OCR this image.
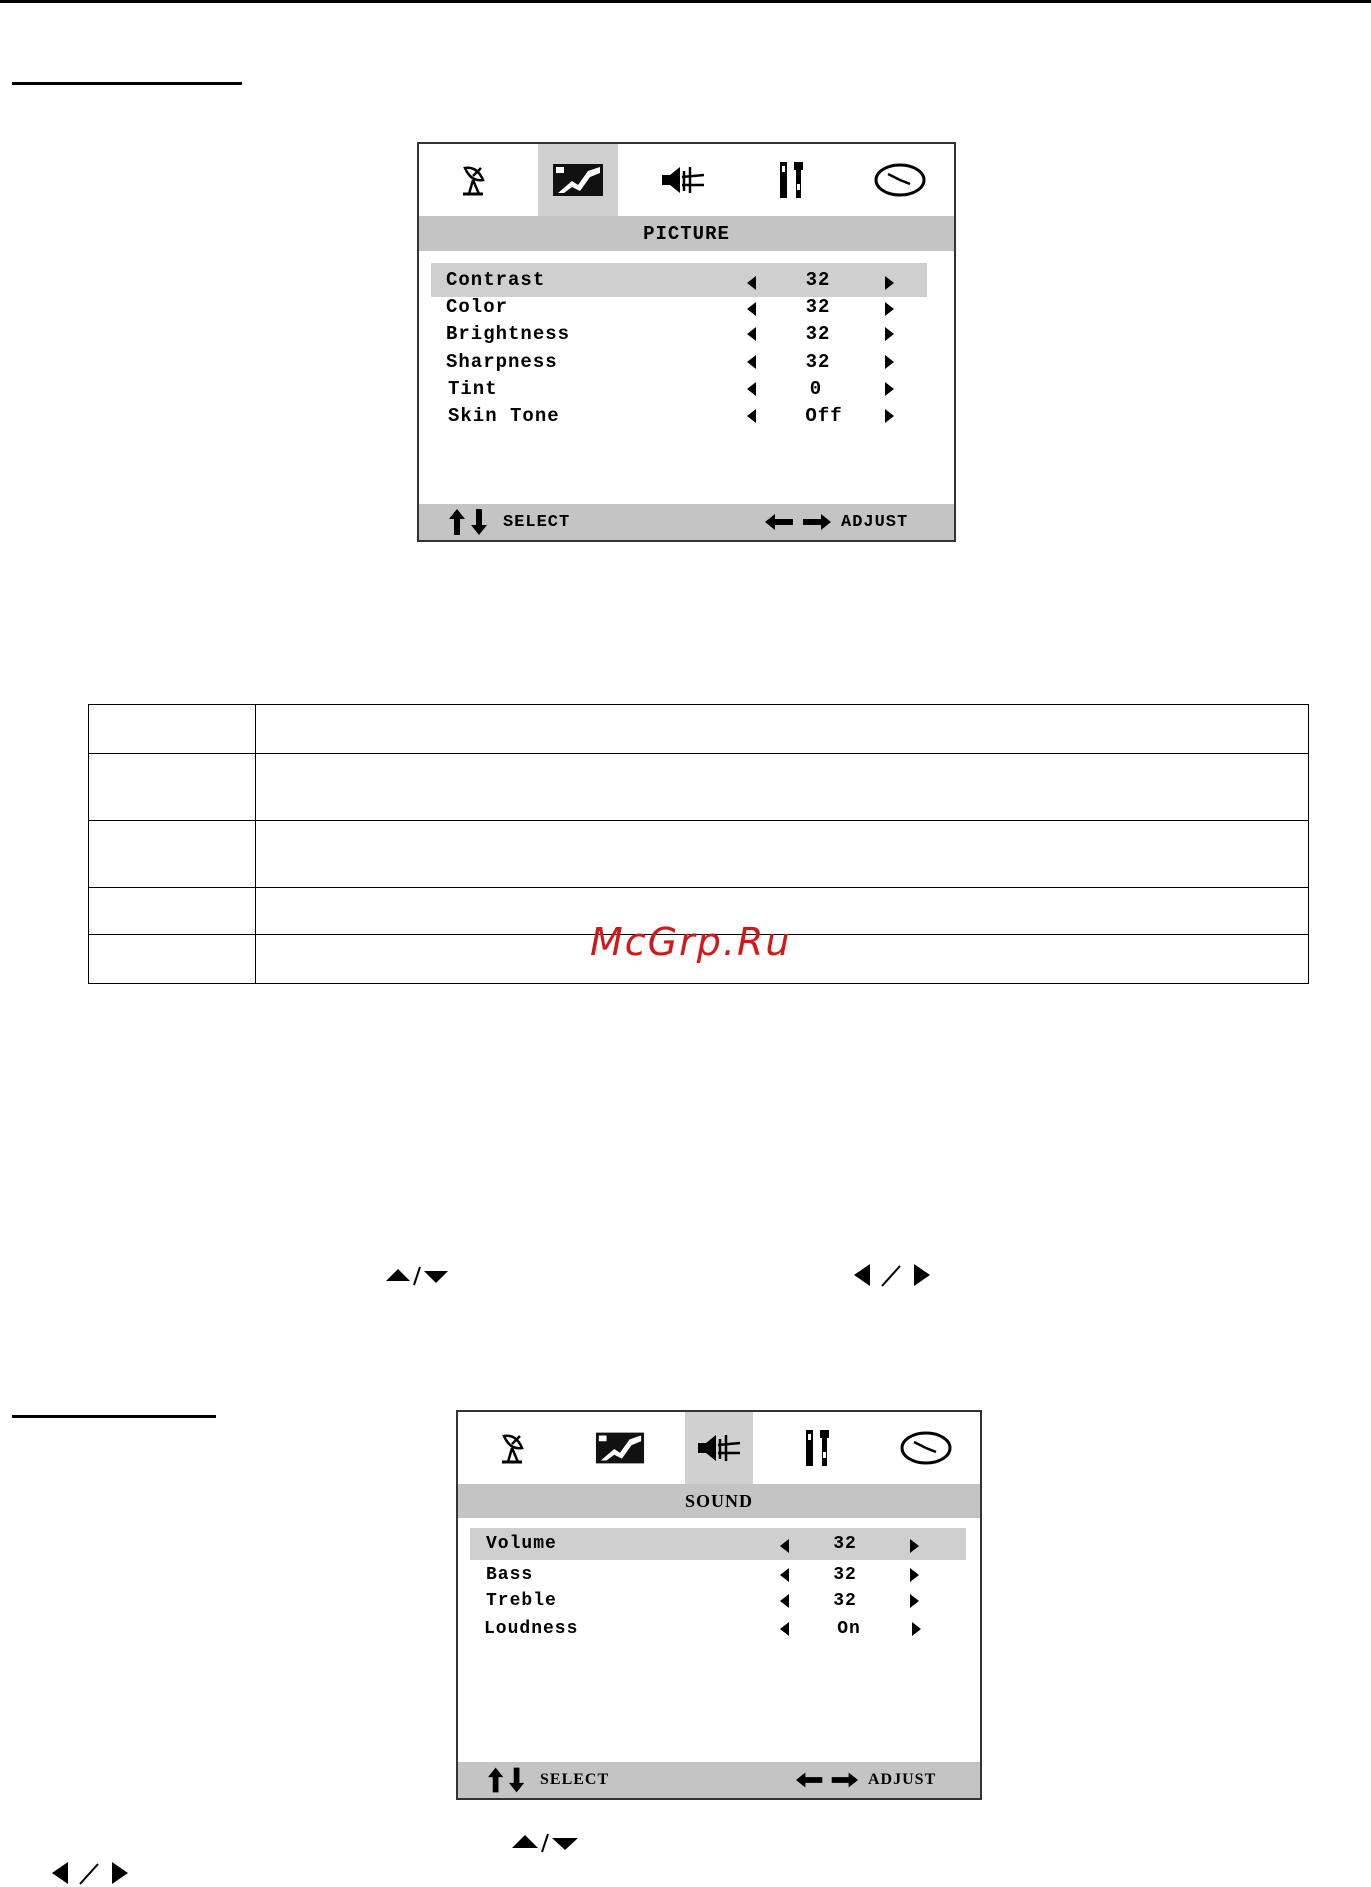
PICTURE
Contrast	32
Color	32
Brightness	32
Sharpness	32
Tint	0
Skin Tone	Off
SELECT	ADJUST

McGrp.Ru
SOUND
Volume	32
Bass	32
Treble	32
Loudness	On
SELECT	ADJUST
